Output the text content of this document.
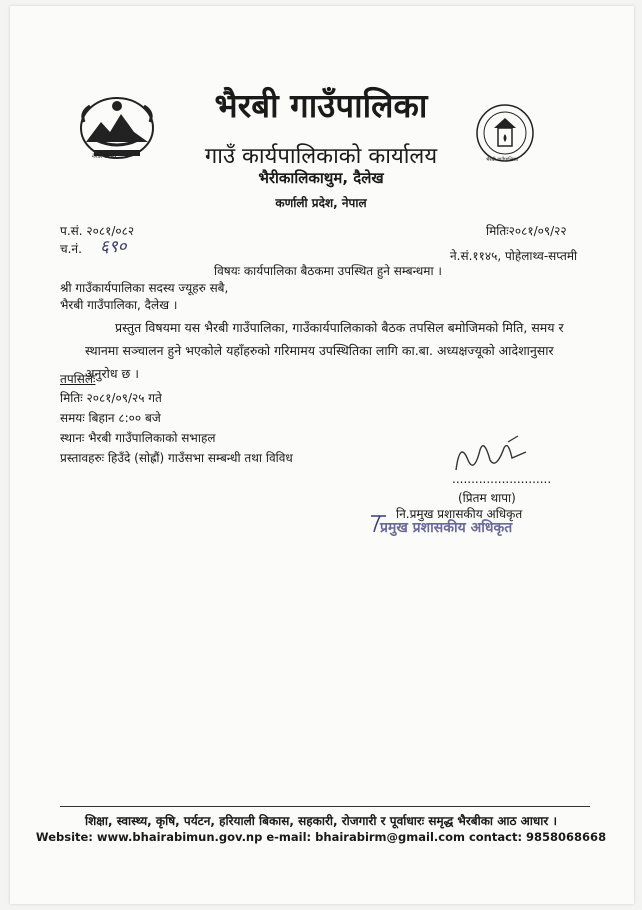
नेपाल सरकार	भैरबी गाउँपालिका
भैरबी गाउँपालिका
गाउँ कार्यपालिकाको कार्यालय
भैरीकालिकाथुम, दैलेख
कर्णाली प्रदेश, नेपाल
प.सं. २०८१/०८२
च.नं. ६९०
मितिः२०८१/०९/२२
ने.सं.११४५, पोहेलाथ्व-सप्तमी
विषयः कार्यपालिका बैठकमा उपस्थित हुने सम्बन्धमा ।
श्री गाउँकार्यपालिका सदस्य ज्यूहरु सबै,
भैरबी गाउँपालिका, दैलेख ।
प्रस्तुत विषयमा यस भैरबी गाउँपालिका, गाउँकार्यपालिकाको बैठक तपसिल बमोजिमको मिति, समय र स्थानमा सञ्चालन हुने भएकोले यहाँहरुको गरिमामय उपस्थितिका लागि का.बा. अध्यक्षज्यूको आदेशानुसार अनुरोध छ ।
तपसिलः
मितिः २०८१/०९/२५ गते
समयः बिहान ८:०० बजे
स्थानः भैरबी गाउँपालिकाको सभाहल
प्रस्तावहरुः हिउँदे (सोह्रौं) गाउँसभा सम्बन्धी तथा विविध
..........................
(प्रितम थापा)
नि.प्रमुख प्रशासकीय अधिकृत
प्रमुख प्रशासकीय अधिकृत
शिक्षा, स्वास्थ्य, कृषि, पर्यटन, हरियाली बिकास, सहकारी, रोजगारी र पूर्वाधारः समृद्ध भैरबीका आठ आधार ।
Website: www.bhairabimun.gov.np e-mail: bhairabirm@gmail.com contact: 9858068668
